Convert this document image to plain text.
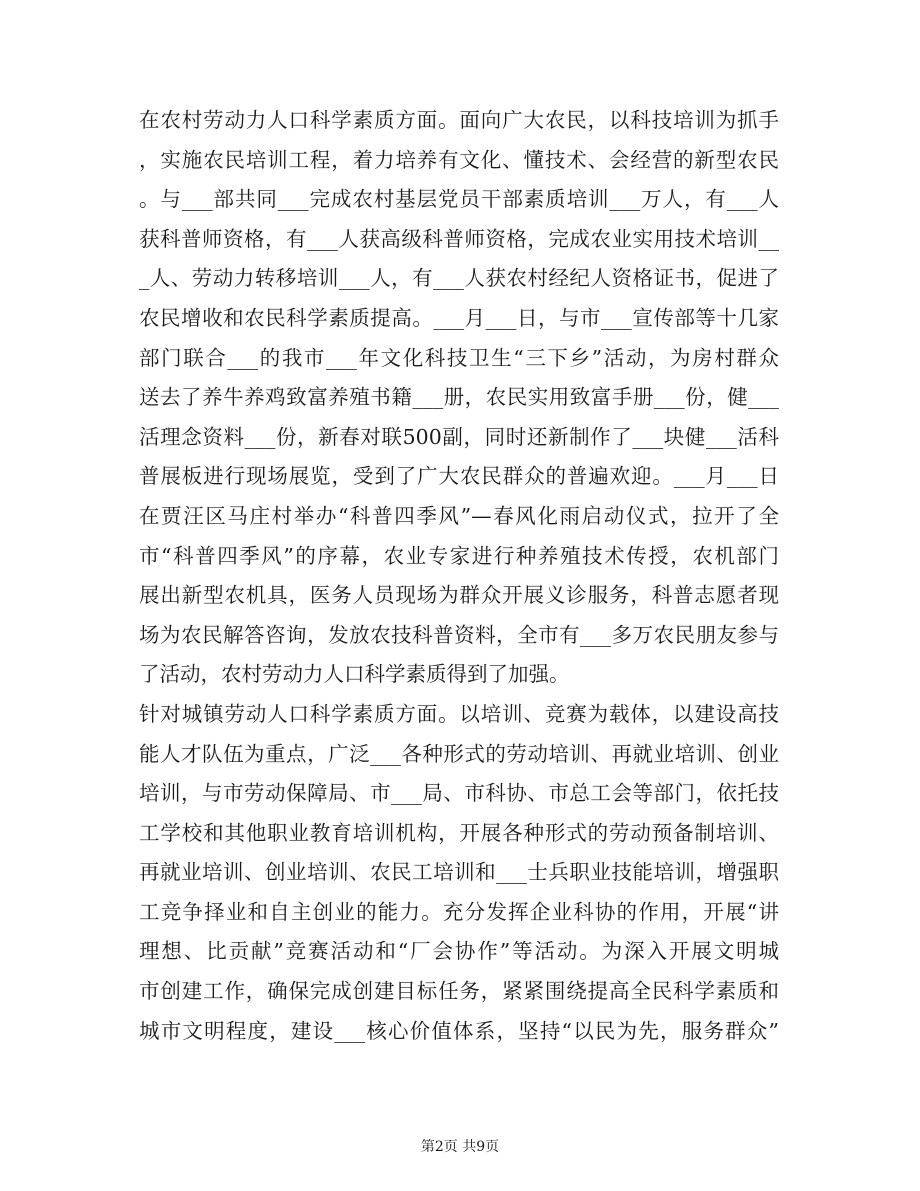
在农村劳动力人口科学素质方面。面向广大农民，以科技培训为抓手
，实施农民培训工程，着力培养有文化、懂技术、会经营的新型农民
。与___部共同___完成农村基层党员干部素质培训___万人，有___人
获科普师资格，有___人获高级科普师资格，完成农业实用技术培训__
_人、劳动力转移培训___人，有___人获农村经纪人资格证书，促进了
农民增收和农民科学素质提高。___月___日，与市___宣传部等十几家
部门联合___的我市___年文化科技卫生“三下乡”活动，为房村群众
送去了养牛养鸡致富养殖书籍___册，农民实用致富手册___份，健___
活理念资料___份，新春对联500副，同时还新制作了___块健___活科
普展板进行现场展览，受到了广大农民群众的普遍欢迎。___月___日
在贾汪区马庄村举办“科普四季风”—春风化雨启动仪式，拉开了全
市“科普四季风”的序幕，农业专家进行种养殖技术传授，农机部门
展出新型农机具，医务人员现场为群众开展义诊服务，科普志愿者现
场为农民解答咨询，发放农技科普资料，全市有___多万农民朋友参与
了活动，农村劳动力人口科学素质得到了加强。
针对城镇劳动人口科学素质方面。以培训、竞赛为载体，以建设高技
能人才队伍为重点，广泛___各种形式的劳动培训、再就业培训、创业
培训，与市劳动保障局、市___局、市科协、市总工会等部门，依托技
工学校和其他职业教育培训机构，开展各种形式的劳动预备制培训、
再就业培训、创业培训、农民工培训和___士兵职业技能培训，增强职
工竞争择业和自主创业的能力。充分发挥企业科协的作用，开展“讲
理想、比贡献”竞赛活动和“厂会协作”等活动。为深入开展文明城
市创建工作，确保完成创建目标任务，紧紧围绕提高全民科学素质和
城市文明程度，建设___核心价值体系，坚持“以民为先，服务群众”
第2页 共9页
